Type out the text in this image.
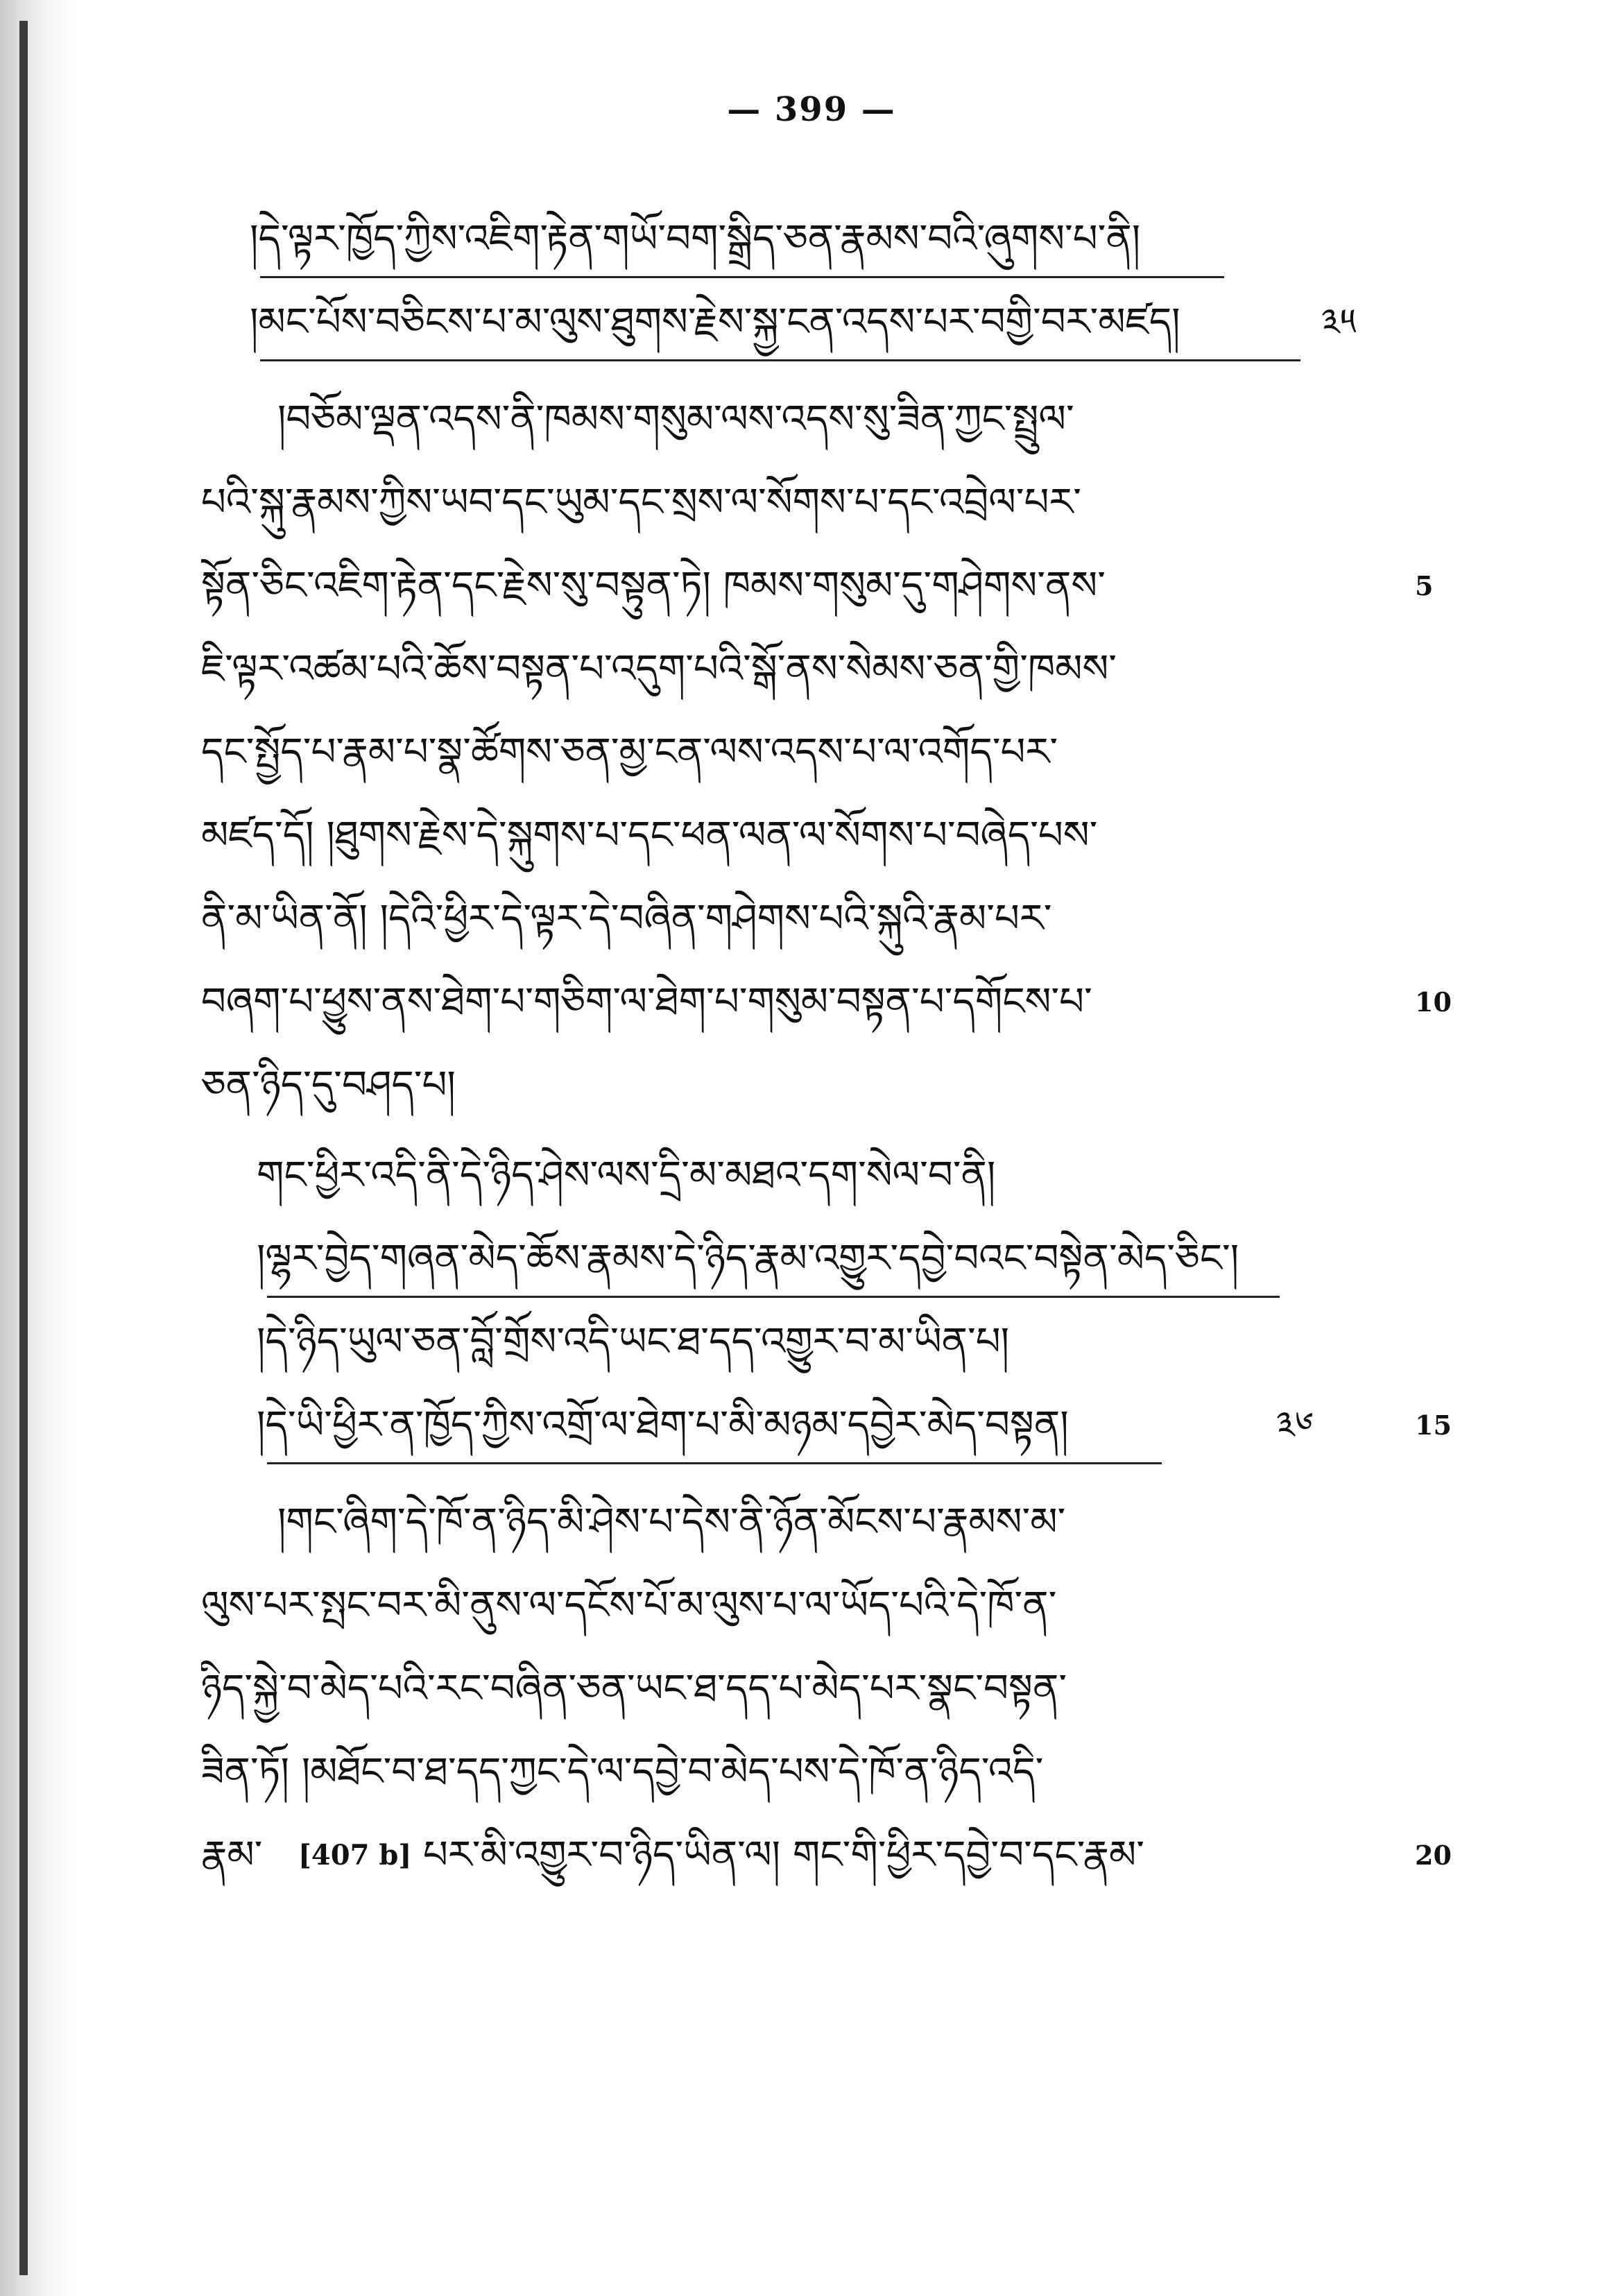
— 399 —
།དེ་ལྟར་ཁྱོད་ཀྱིས་འཇིག་རྟེན་གཡོ་བག་སྒྲིད་ཅན་རྣམས་བའི་ཞུགས་པ་ནི།
།མང་པོས་བཅིངས་པ་མ་ལུས་ཐུགས་རྗེས་སྐྱ་ངན་འདས་པར་བགྱི་བར་མཛད།	༣༥
།བཅོམ་ལྡན་འདས་ནི་ཁམས་གསུམ་ལས་འདས་སུ་ཟིན་ཀྱང་སྤྲུལ་
པའི་སྐུ་རྣམས་ཀྱིས་ཡབ་དང་ཡུམ་དང་སྲས་ལ་སོགས་པ་དང་འབྲེལ་པར་
སྟོན་ཅིང་འཇིག་རྟེན་དང་རྗེས་སུ་བསྟུན་ཏེ། ཁམས་གསུམ་དུ་གཤེགས་ནས་	5
ཇི་ལྟར་འཚམ་པའི་ཆོས་བསྟན་པ་འདུག་པའི་སྒོ་ནས་སེམས་ཅན་གྱི་ཁམས་
དང་སྤྱོད་པ་རྣམ་པ་སྣ་ཚོགས་ཅན་མྱ་ངན་ལས་འདས་པ་ལ་འགོད་པར་
མཛད་དོ། །ཐུགས་རྗེས་དེ་སྐུགས་པ་དང་ཕན་ལན་ལ་སོགས་པ་བཞེད་པས་
ནི་མ་ཡིན་ནོ། །དེའི་ཕྱིར་དེ་ལྟར་དེ་བཞིན་གཤེགས་པའི་སྐུའི་རྣམ་པར་
བཞག་པ་ཕྱུས་ནས་ཐེག་པ་གཅིག་ལ་ཐེག་པ་གསུམ་བསྟན་པ་དགོངས་པ་	10
ཅན་ཉིད་དུ་བཤད་པ།
གང་ཕྱིར་འདི་ནི་དེ་ཉིད་ཤེས་ལས་དྲི་མ་མཐའ་དག་སེལ་བ་ནི།
།ལྷར་བྱེད་གཞན་མེད་ཆོས་རྣམས་དེ་ཉིད་རྣམ་འགྱུར་དབྱེ་བའང་བསྟེན་མེད་ཅིང་།
།དེ་ཉིད་ཡུལ་ཅན་བློ་གྲོས་འདི་ཡང་ཐ་དད་འགྱུར་བ་མ་ཡིན་པ།
།དེ་ཡི་ཕྱིར་ན་ཁྱོད་ཀྱིས་འགྲོ་ལ་ཐེག་པ་མི་མཉམ་དབྱེར་མེད་བསྟན།	༣༦	15
།གང་ཞིག་དེ་ཁོ་ན་ཉིད་མི་ཤེས་པ་དེས་ནི་ཉོན་མོངས་པ་རྣམས་མ་
ལུས་པར་སྤང་བར་མི་ནུས་ལ་དངོས་པོ་མ་ལུས་པ་ལ་ཡོད་པའི་དེ་ཁོ་ན་
ཉིད་སྐྱེ་བ་མེད་པའི་རང་བཞིན་ཅན་ཡང་ཐ་དད་པ་མེད་པར་སྣང་བསྟན་
ཟིན་ཏོ། །མཐོང་བ་ཐ་དད་ཀྱང་དེ་ལ་དབྱེ་བ་མེད་པས་དེ་ཁོ་ན་ཉིད་འདི་
རྣམ་	[407 b] པར་མི་འགྱུར་བ་ཉིད་ཡིན་ལ། གང་གི་ཕྱིར་དབྱེ་བ་དང་རྣམ་	20
